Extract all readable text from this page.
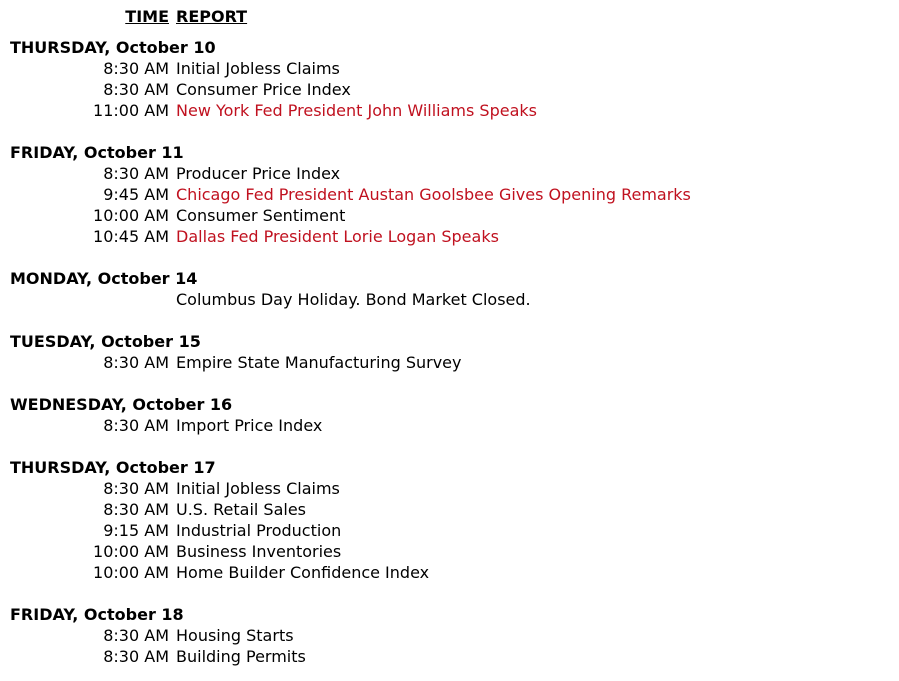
TIME REPORT
THURSDAY, October 10
8:30 AM Initial Jobless Claims
8:30 AM Consumer Price Index
11:00 AM New York Fed President John Williams Speaks
FRIDAY, October 11
8:30 AM Producer Price Index
9:45 AM Chicago Fed President Austan Goolsbee Gives Opening Remarks
10:00 AM Consumer Sentiment
10:45 AM Dallas Fed President Lorie Logan Speaks
MONDAY, October 14
Columbus Day Holiday. Bond Market Closed.
TUESDAY, October 15
8:30 AM Empire State Manufacturing Survey
WEDNESDAY, October 16
8:30 AM Import Price Index
THURSDAY, October 17
8:30 AM Initial Jobless Claims
8:30 AM U.S. Retail Sales
9:15 AM Industrial Production
10:00 AM Business Inventories
10:00 AM Home Builder Confidence Index
FRIDAY, October 18
8:30 AM Housing Starts
8:30 AM Building Permits
